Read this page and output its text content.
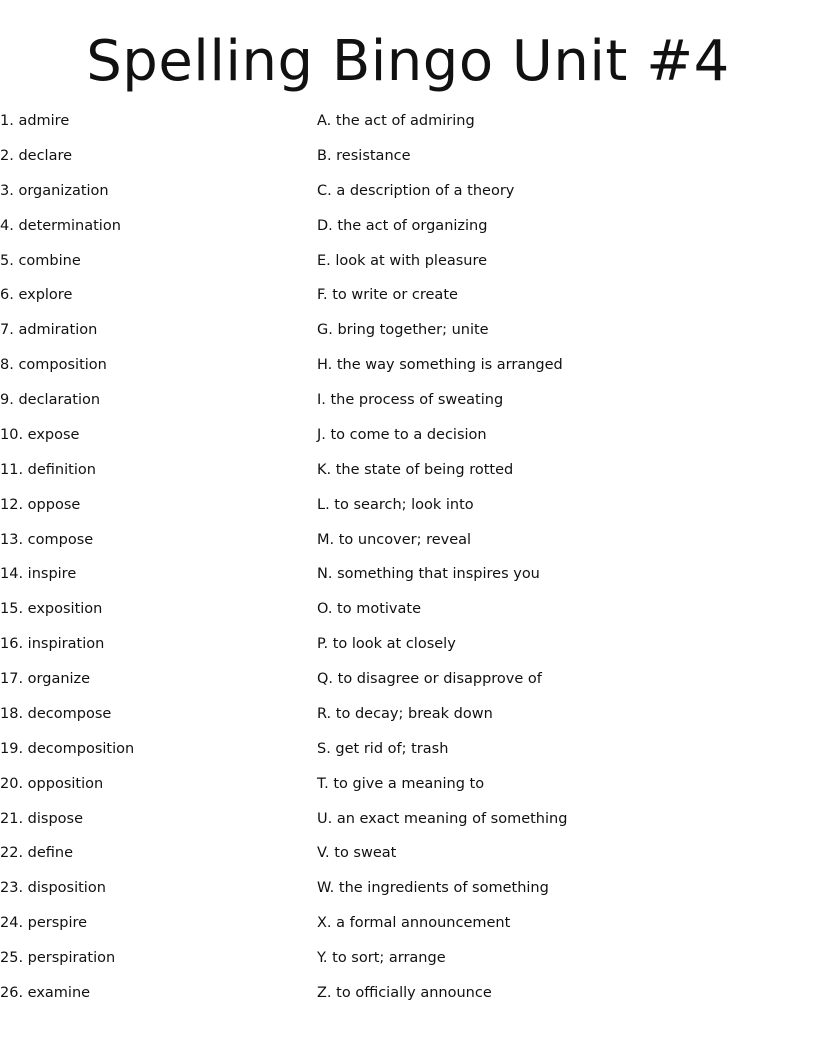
Spelling Bingo Unit #4
1. admire
2. declare
3. organization
4. determination
5. combine
6. explore
7. admiration
8. composition
9. declaration
10. expose
11. definition
12. oppose
13. compose
14. inspire
15. exposition
16. inspiration
17. organize
18. decompose
19. decomposition
20. opposition
21. dispose
22. define
23. disposition
24. perspire
25. perspiration
26. examine
A. the act of admiring
B. resistance
C. a description of a theory
D. the act of organizing
E. look at with pleasure
F. to write or create
G. bring together; unite
H. the way something is arranged
I. the process of sweating
J. to come to a decision
K. the state of being rotted
L. to search; look into
M. to uncover; reveal
N. something that inspires you
O. to motivate
P. to look at closely
Q. to disagree or disapprove of
R. to decay; break down
S. get rid of; trash
T. to give a meaning to
U. an exact meaning of something
V. to sweat
W. the ingredients of something
X. a formal announcement
Y. to sort; arrange
Z. to officially announce
